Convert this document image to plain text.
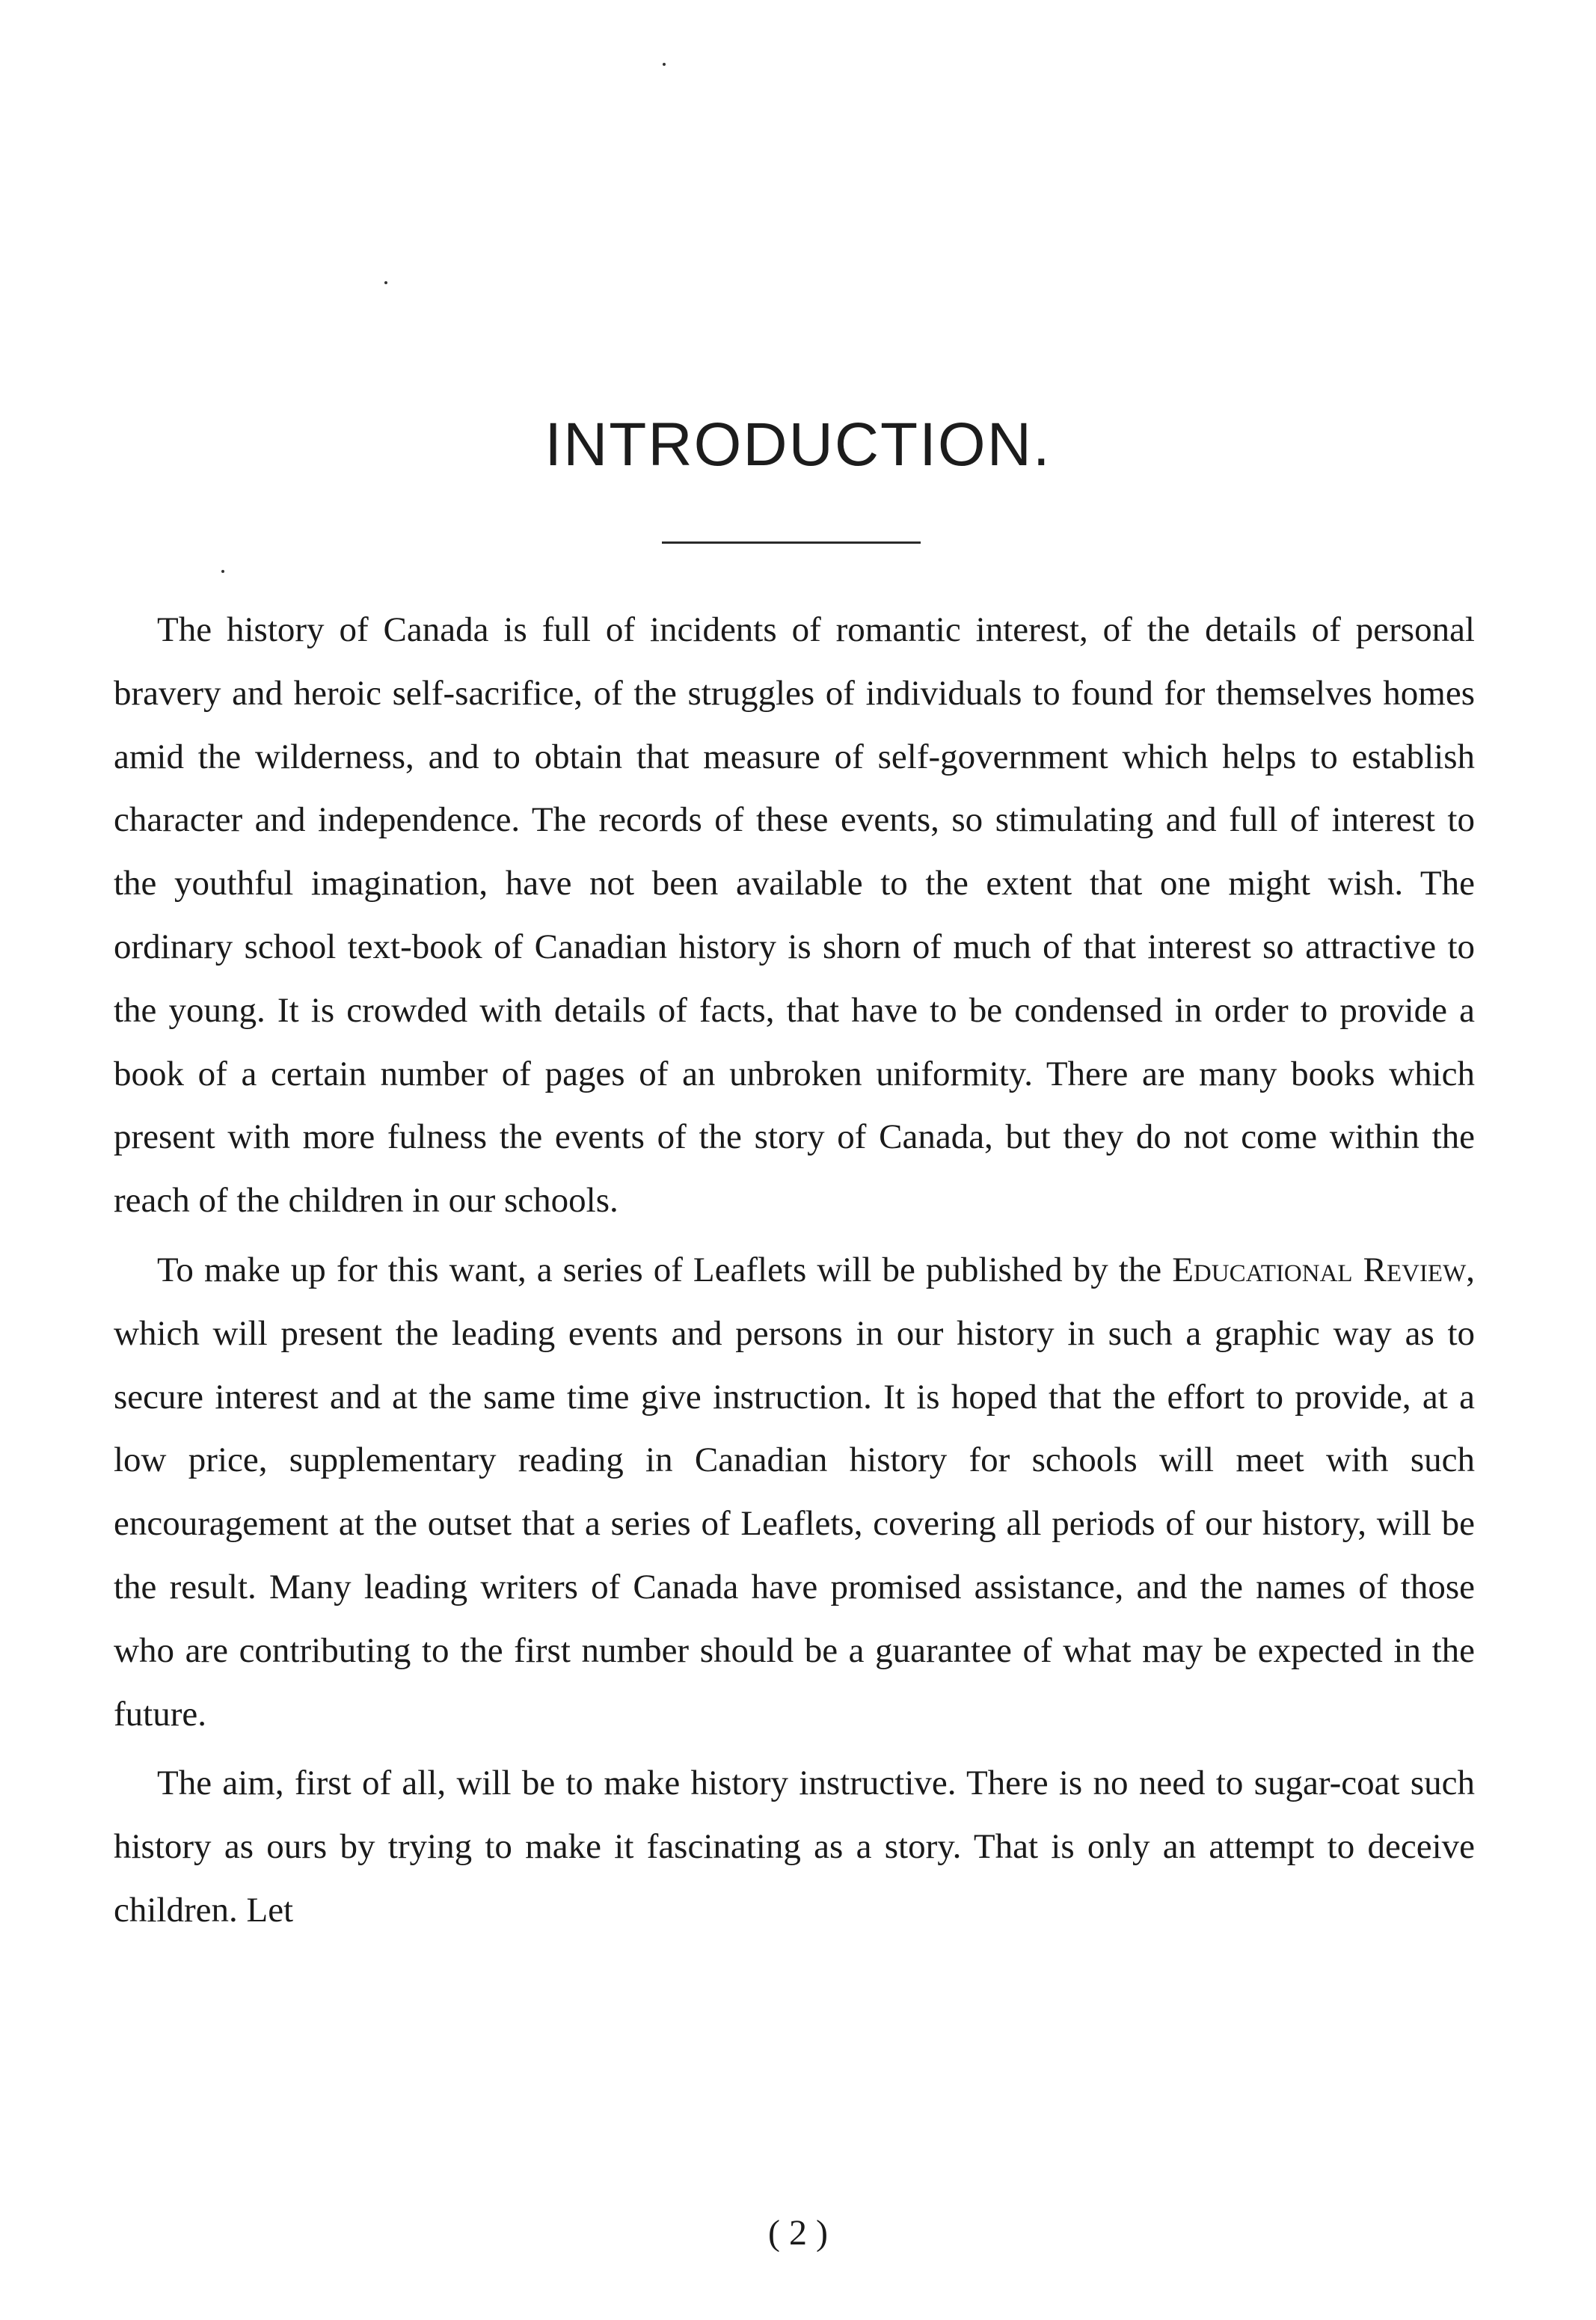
INTRODUCTION.

The history of Canada is full of incidents of romantic interest, of the details of personal bravery and heroic self-sacrifice, of the struggles of individuals to found for themselves homes amid the wilderness, and to obtain that measure of self-government which helps to establish character and independence. The records of these events, so stimulating and full of interest to the youthful imagination, have not been available to the extent that one might wish. The ordinary school text-book of Canadian history is shorn of much of that interest so attractive to the young. It is crowded with details of facts, that have to be condensed in order to provide a book of a certain number of pages of an unbroken uniformity. There are many books which present with more fulness the events of the story of Canada, but they do not come within the reach of the children in our schools.

To make up for this want, a series of Leaflets will be published by the Educational Review, which will present the leading events and persons in our history in such a graphic way as to secure interest and at the same time give instruction. It is hoped that the effort to provide, at a low price, supplementary reading in Canadian history for schools will meet with such encouragement at the outset that a series of Leaflets, covering all periods of our history, will be the result. Many leading writers of Canada have promised assistance, and the names of those who are contributing to the first number should be a guarantee of what may be expected in the future.

The aim, first of all, will be to make history instructive. There is no need to sugar-coat such history as ours by trying to make it fascinating as a story. That is only an attempt to deceive children. Let

( 2 )
